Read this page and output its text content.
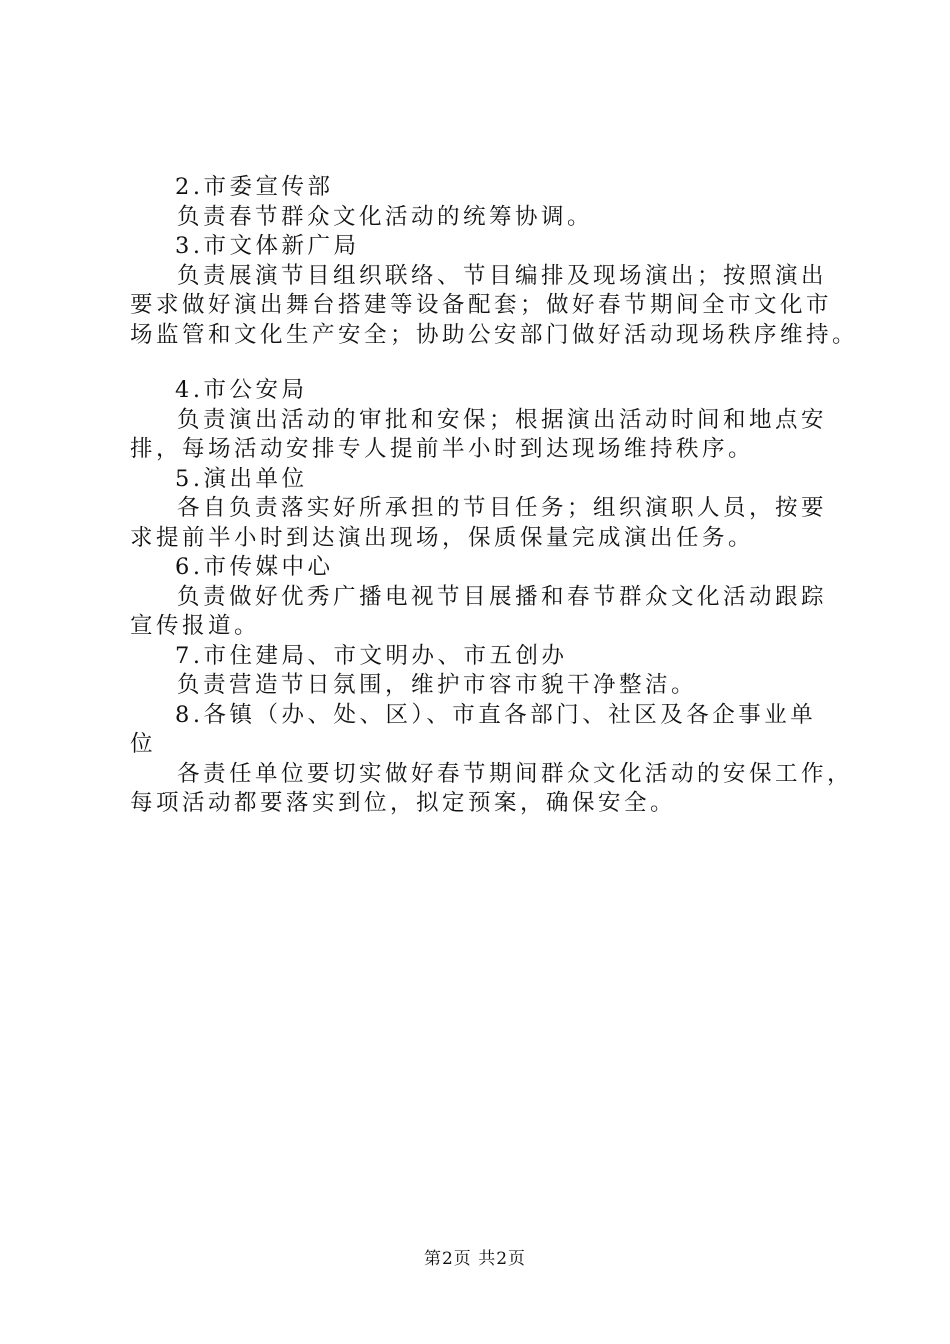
2.市委宣传部

负责春节群众文化活动的统筹协调。

3.市文体新广局

负责展演节目组织联络、节目编排及现场演出；按照演出

要求做好演出舞台搭建等设备配套；做好春节期间全市文化市

场监管和文化生产安全；协助公安部门做好活动现场秩序维持。

4.市公安局

负责演出活动的审批和安保；根据演出活动时间和地点安

排，每场活动安排专人提前半小时到达现场维持秩序。

5.演出单位

各自负责落实好所承担的节目任务；组织演职人员，按要

求提前半小时到达演出现场，保质保量完成演出任务。

6.市传媒中心

负责做好优秀广播电视节目展播和春节群众文化活动跟踪

宣传报道。

7.市住建局、市文明办、市五创办

负责营造节日氛围，维护市容市貌干净整洁。

8.各镇（办、处、区）、市直各部门、社区及各企事业单

位

各责任单位要切实做好春节期间群众文化活动的安保工作，

每项活动都要落实到位，拟定预案，确保安全。

第2页 共2页
